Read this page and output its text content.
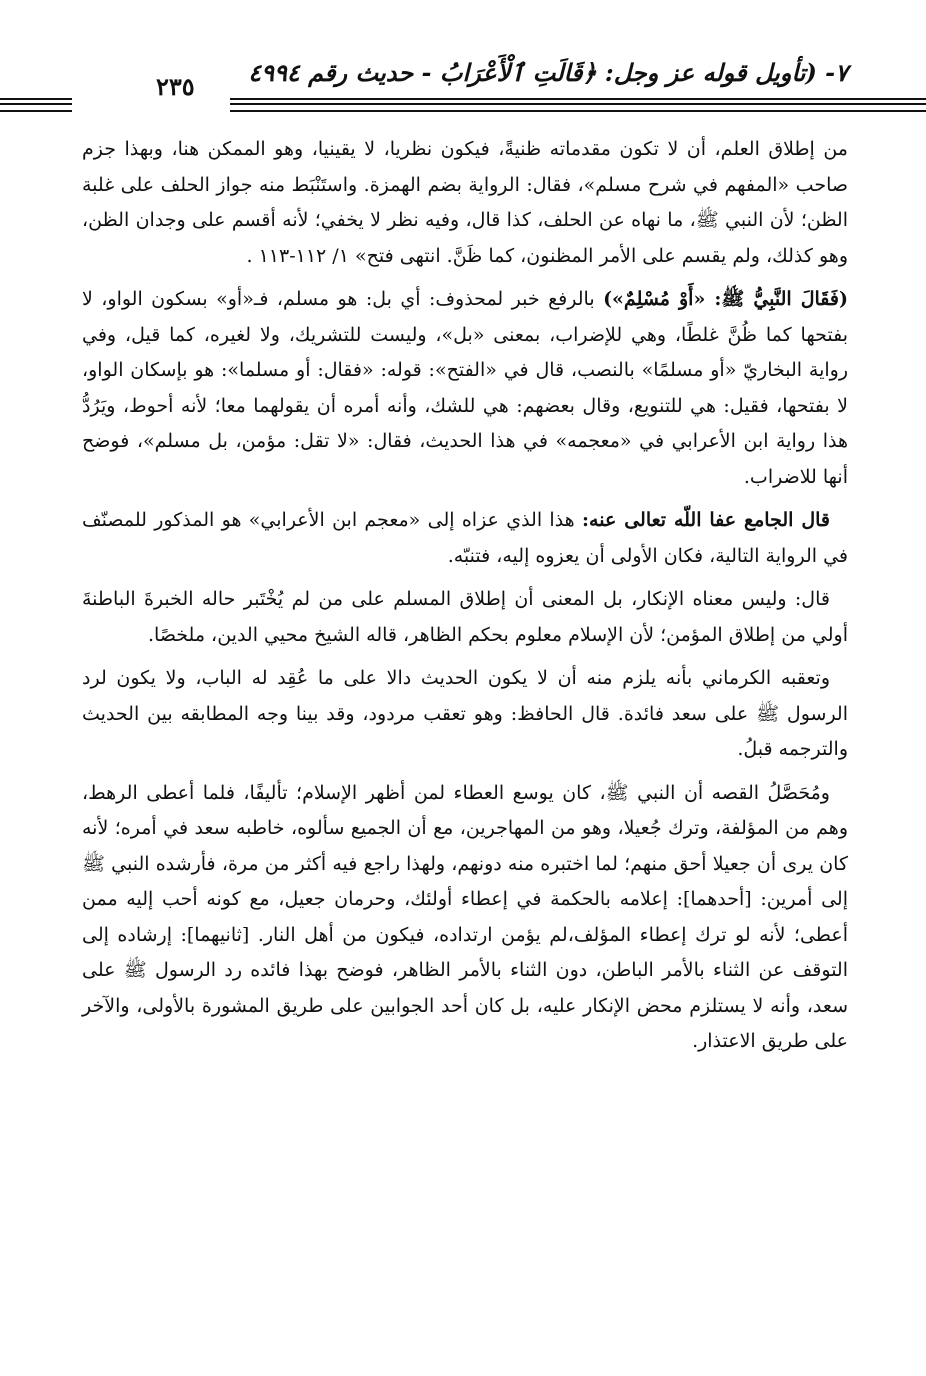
٧- (تأويل قوله عز وجل: ﴿قَالَتِ ٱلْأَعْرَابُ - حديث رقم ٤٩٩٤
٢٣٥

من إطلاق العلم، أن لا تكون مقدماته ظنيةً، فيكون نظريا، لا يقينيا، وهو الممكن هنا، وبهذا جزم صاحب «المفهم في شرح مسلم»، فقال: الرواية بضم الهمزة. واستَنْبَط منه جواز الحلف على غلبة الظن؛ لأن النبي ﷺ، ما نهاه عن الحلف، كذا قال، وفيه نظر لا يخفي؛ لأنه أقسم على وجدان الظن، وهو كذلك، ولم يقسم على الأمر المظنون، كما ظَنَّ. انتهى فتح» ١/ ١١٢-١١٣ .

(فَقَالَ النَّبِيُّ ﷺ: «أَوْ مُسْلِمٌ») بالرفع خبر لمحذوف: أي بل: هو مسلم، فـ«أو» بسكون الواو، لا بفتحها كما ظُنَّ غلطًا، وهي للإضراب، بمعنى «بل»، وليست للتشريك، ولا لغيره، كما قيل، وفي رواية البخاريّ «أو مسلمًا» بالنصب، قال في «الفتح»: قوله: «فقال: أو مسلما»: هو بإسكان الواو، لا بفتحها، فقيل: هي للتنويع، وقال بعضهم: هي للشك، وأنه أمره أن يقولهما معا؛ لأنه أحوط، ويَرُدُّ هذا رواية ابن الأعرابي في «معجمه» في هذا الحديث، فقال: «لا تقل: مؤمن، بل مسلم»، فوضح أنها للاضراب.

قال الجامع عفا اللّه تعالى عنه: هذا الذي عزاه إلى «معجم ابن الأعرابي» هو المذكور للمصنّف في الرواية التالية، فكان الأولى أن يعزوه إليه، فتنبّه.

قال: وليس معناه الإنكار، بل المعنى أن إطلاق المسلم على من لم يُخْتَبر حاله الخبرةَ الباطنةَ أولي من إطلاق المؤمن؛ لأن الإسلام معلوم بحكم الظاهر، قاله الشيخ محيي الدين، ملخصًا.

وتعقبه الكرماني بأنه يلزم منه أن لا يكون الحديث دالا على ما عُقِد له الباب، ولا يكون لرد الرسول ﷺ على سعد فائدة. قال الحافظ: وهو تعقب مردود، وقد بينا وجه المطابقه بين الحديث والترجمه قبلُ.

ومُحَصَّلُ القصه أن النبي ﷺ، كان يوسع العطاء لمن أظهر الإسلام؛ تأليفًا، فلما أعطى الرهط، وهم من المؤلفة، وترك جُعيلا، وهو من المهاجرين، مع أن الجميع سألوه، خاطبه سعد في أمره؛ لأنه كان يرى أن جعيلا أحق منهم؛ لما اختبره منه دونهم، ولهذا راجع فيه أكثر من مرة، فأرشده النبي ﷺ إلى أمرين: [أحدهما]: إعلامه بالحكمة في إعطاء أولئك، وحرمان جعيل، مع كونه أحب إليه ممن أعطى؛ لأنه لو ترك إعطاء المؤلف،لم يؤمن ارتداده، فيكون من أهل النار. [ثانيهما]: إرشاده إلى التوقف عن الثناء بالأمر الباطن، دون الثناء بالأمر الظاهر، فوضح بهذا فائده رد الرسول ﷺ على سعد، وأنه لا يستلزم محض الإنكار عليه، بل كان أحد الجوابين على طريق المشورة بالأولى، والآخر على طريق الاعتذار.
